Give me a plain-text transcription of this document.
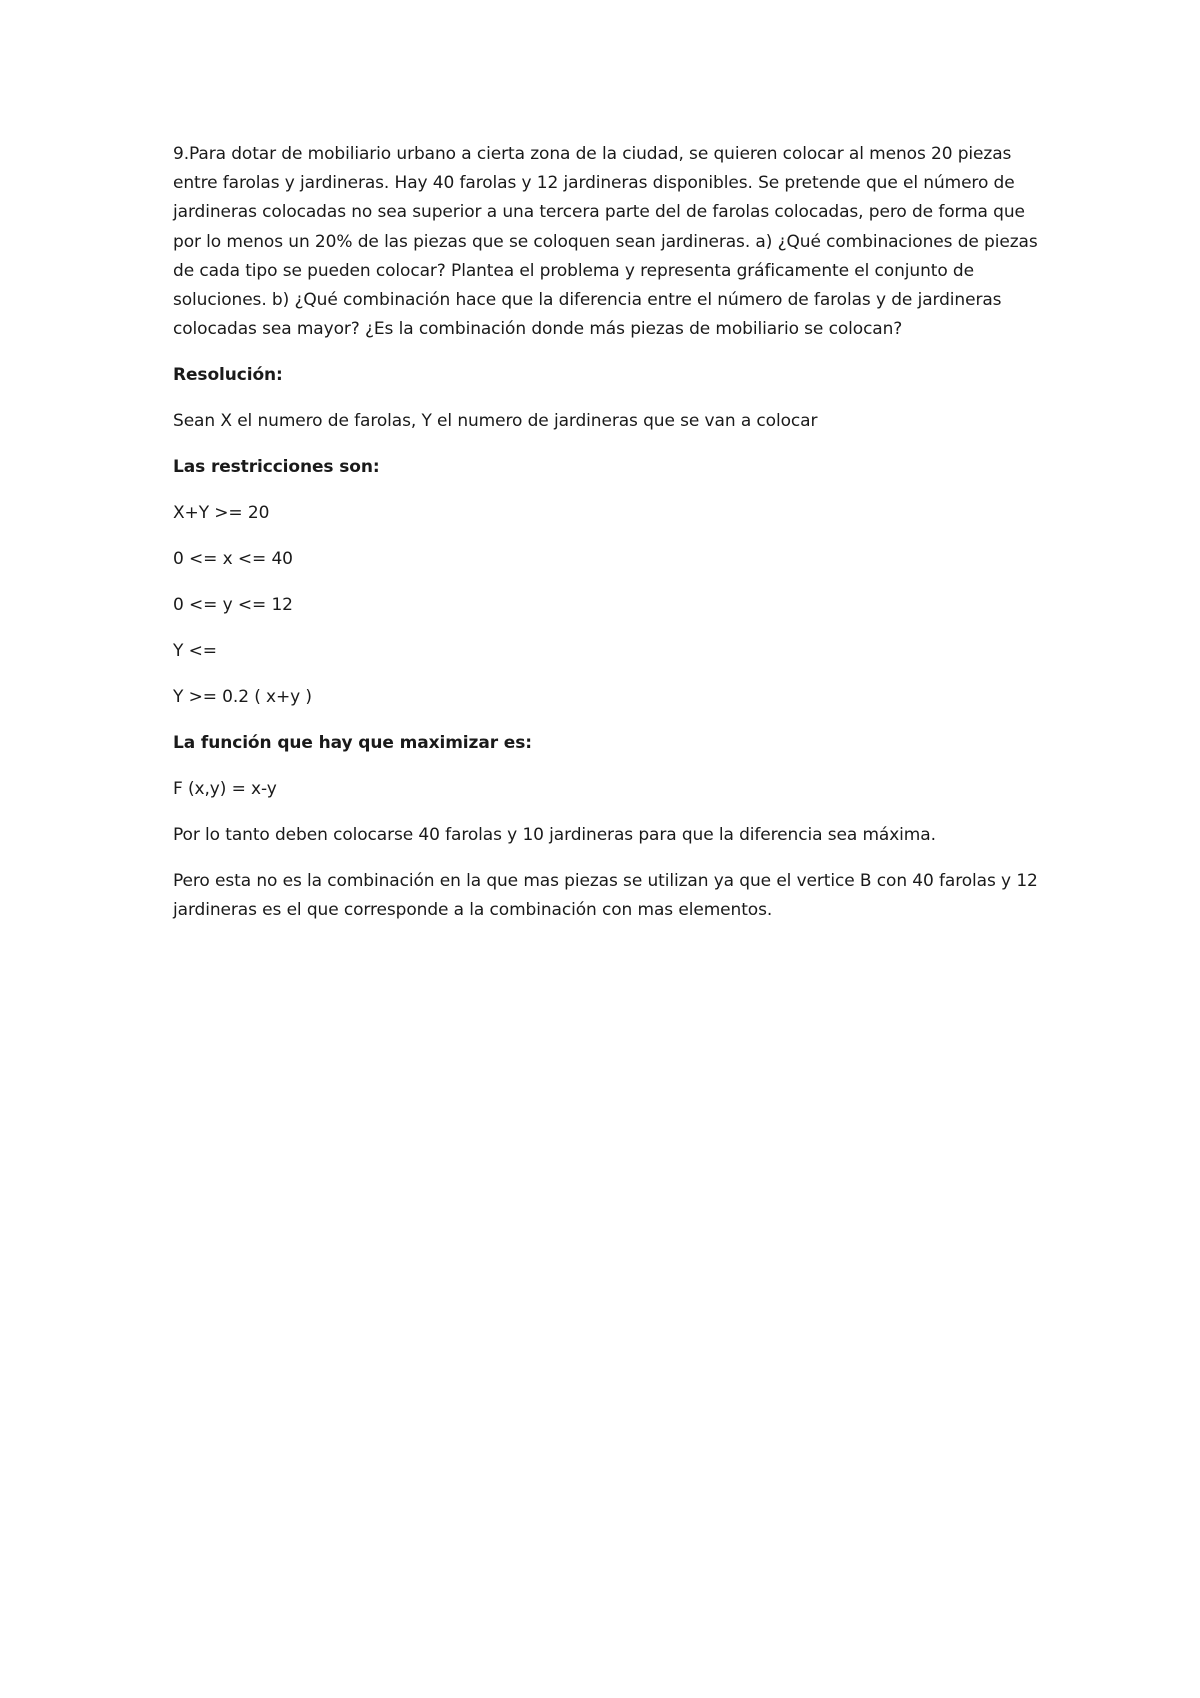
9.Para dotar de mobiliario urbano a cierta zona de la ciudad, se quieren colocar al menos 20 piezas entre farolas y jardineras. Hay 40 farolas y 12 jardineras disponibles. Se pretende que el número de jardineras colocadas no sea superior a una tercera parte del de farolas colocadas, pero de forma que por lo menos un 20% de las piezas que se coloquen sean jardineras. a) ¿Qué combinaciones de piezas de cada tipo se pueden colocar? Plantea el problema y representa gráficamente el conjunto de soluciones. b) ¿Qué combinación hace que la diferencia entre el número de farolas y de jardineras colocadas sea mayor? ¿Es la combinación donde más piezas de mobiliario se colocan?

Resolución:

Sean X el numero de farolas, Y el numero de jardineras que se van a colocar

Las restricciones son:

X+Y >= 20

0 <= x <= 40

0 <= y <= 12

Y <=

Y >= 0.2 ( x+y )

La función que hay que maximizar es:

F (x,y) = x-y

Por lo tanto deben colocarse 40 farolas y 10 jardineras para que la diferencia sea máxima.

Pero esta no es la combinación en la que mas piezas se utilizan ya que el vertice B con 40 farolas y 12 jardineras es el que corresponde a la combinación con mas elementos.
